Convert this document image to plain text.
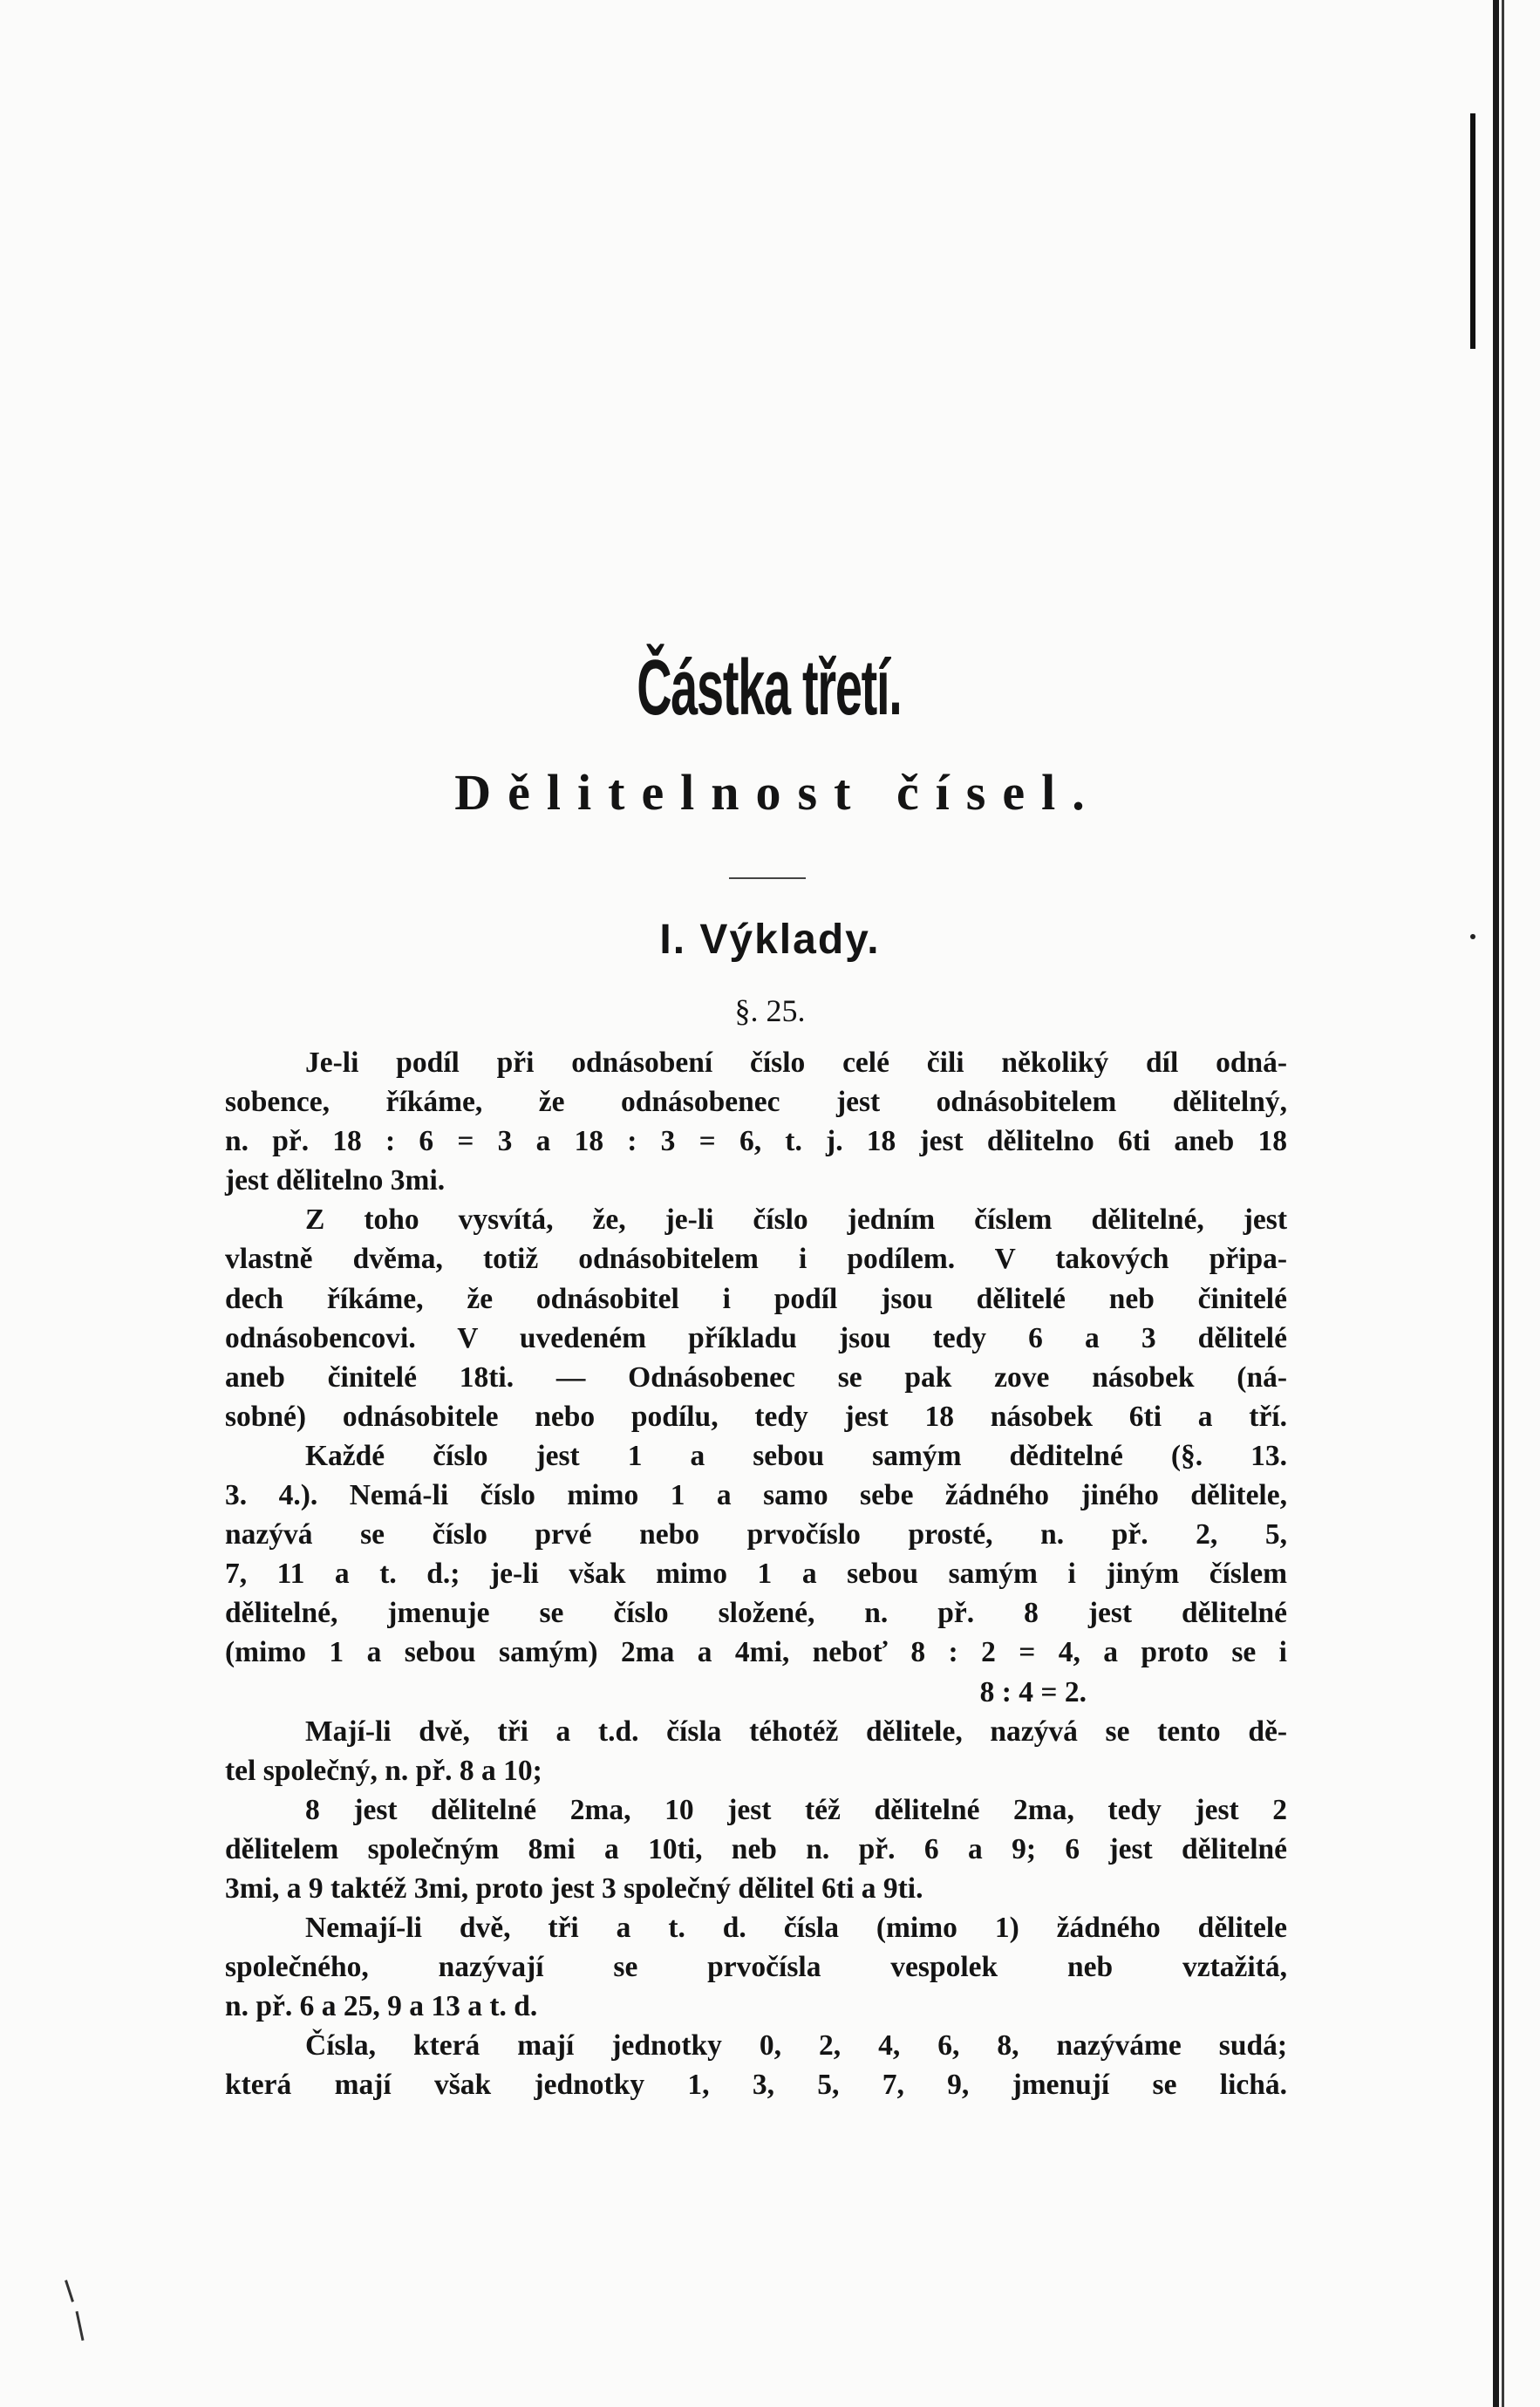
Částka třetí.
Dělitelnost čísel.
I. Výklady.
§. 25.
Je-li podíl při odnásobení číslo celé čili několiký díl odná-
sobence, říkáme, že odnásobenec jest odnásobitelem dělitelný,
n. př. 18 : 6 = 3 a 18 : 3 = 6, t. j. 18 jest dělitelno 6ti aneb 18
jest dělitelno 3mi.
Z toho vysvítá, že, je-li číslo jedním číslem dělitelné, jest
vlastně dvěma, totiž odnásobitelem i podílem. V takových připa-
dech říkáme, že odnásobitel i podíl jsou dělitelé neb činitelé
odnásobencovi. V uvedeném příkladu jsou tedy 6 a 3 dělitelé
aneb činitelé 18ti. — Odnásobenec se pak zove násobek (ná-
sobné) odnásobitele nebo podílu, tedy jest 18 násobek 6ti a tří.
Každé číslo jest 1 a sebou samým děditelné (§. 13.
3. 4.). Nemá-li číslo mimo 1 a samo sebe žádného jiného dělitele,
nazývá se číslo prvé nebo prvočíslo prosté, n. př. 2, 5,
7, 11 a t. d.; je-li však mimo 1 a sebou samým i jiným číslem
dělitelné, jmenuje se číslo složené, n. př. 8 jest dělitelné
(mimo 1 a sebou samým) 2ma a 4mi, neboť 8 : 2 = 4, a proto se i
8 : 4 = 2.
Mají-li dvě, tři a t.d. čísla téhotéž dělitele, nazývá se tento dě-
tel společný, n. př. 8 a 10;
8 jest dělitelné 2ma, 10 jest též dělitelné 2ma, tedy jest 2
dělitelem společným 8mi a 10ti, neb n. př. 6 a 9; 6 jest dělitelné
3mi, a 9 taktéž 3mi, proto jest 3 společný dělitel 6ti a 9ti.
Nemají-li dvě, tři a t. d. čísla (mimo 1) žádného dělitele
společného, nazývají se prvočísla vespolek neb vztažitá,
n. př. 6 a 25, 9 a 13 a t. d.
Čísla, která mají jednotky 0, 2, 4, 6, 8, nazýváme sudá;
která mají však jednotky 1, 3, 5, 7, 9, jmenují se lichá.
